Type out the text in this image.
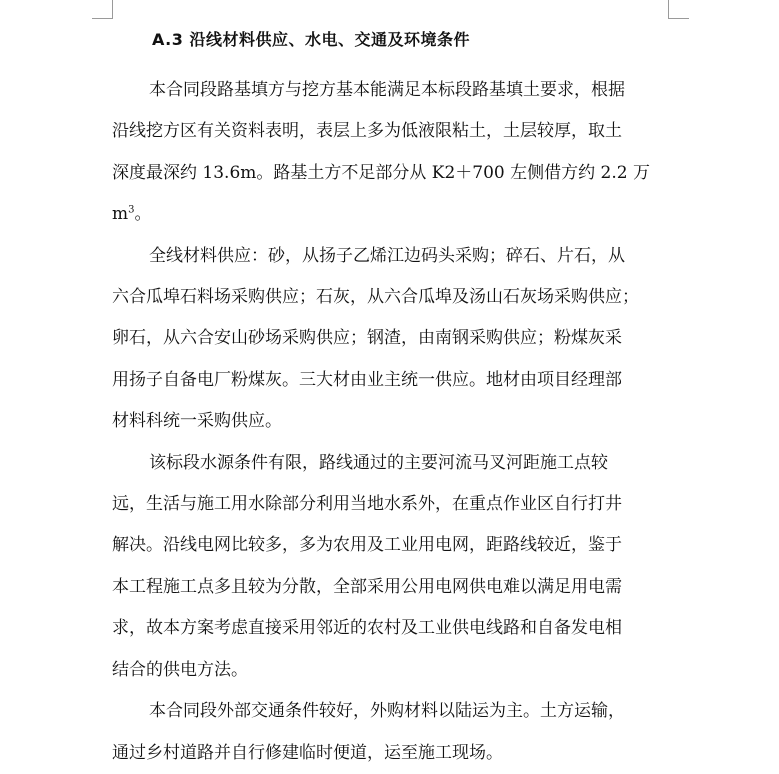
A.3 沿线材料供应、水电、交通及环境条件
本合同段路基填方与挖方基本能满足本标段路基填土要求，根据
沿线挖方区有关资料表明，表层上多为低液限粘土，土层较厚，取土
深度最深约 13.6m。路基土方不足部分从 K2＋700 左侧借方约 2.2 万
$m^3$。
全线材料供应：砂，从扬子乙烯江边码头采购；碎石、片石，从
六合瓜埠石料场采购供应；石灰，从六合瓜埠及汤山石灰场采购供应；
卵石，从六合安山砂场采购供应；钢渣，由南钢采购供应；粉煤灰采
用扬子自备电厂粉煤灰。三大材由业主统一供应。地材由项目经理部
材料科统一采购供应。
该标段水源条件有限，路线通过的主要河流马叉河距施工点较
远，生活与施工用水除部分利用当地水系外，在重点作业区自行打井
解决。沿线电网比较多，多为农用及工业用电网，距路线较近，鉴于
本工程施工点多且较为分散，全部采用公用电网供电难以满足用电需
求，故本方案考虑直接采用邻近的农村及工业供电线路和自备发电相
结合的供电方法。
本合同段外部交通条件较好，外购材料以陆运为主。土方运输，
通过乡村道路并自行修建临时便道，运至施工现场。
